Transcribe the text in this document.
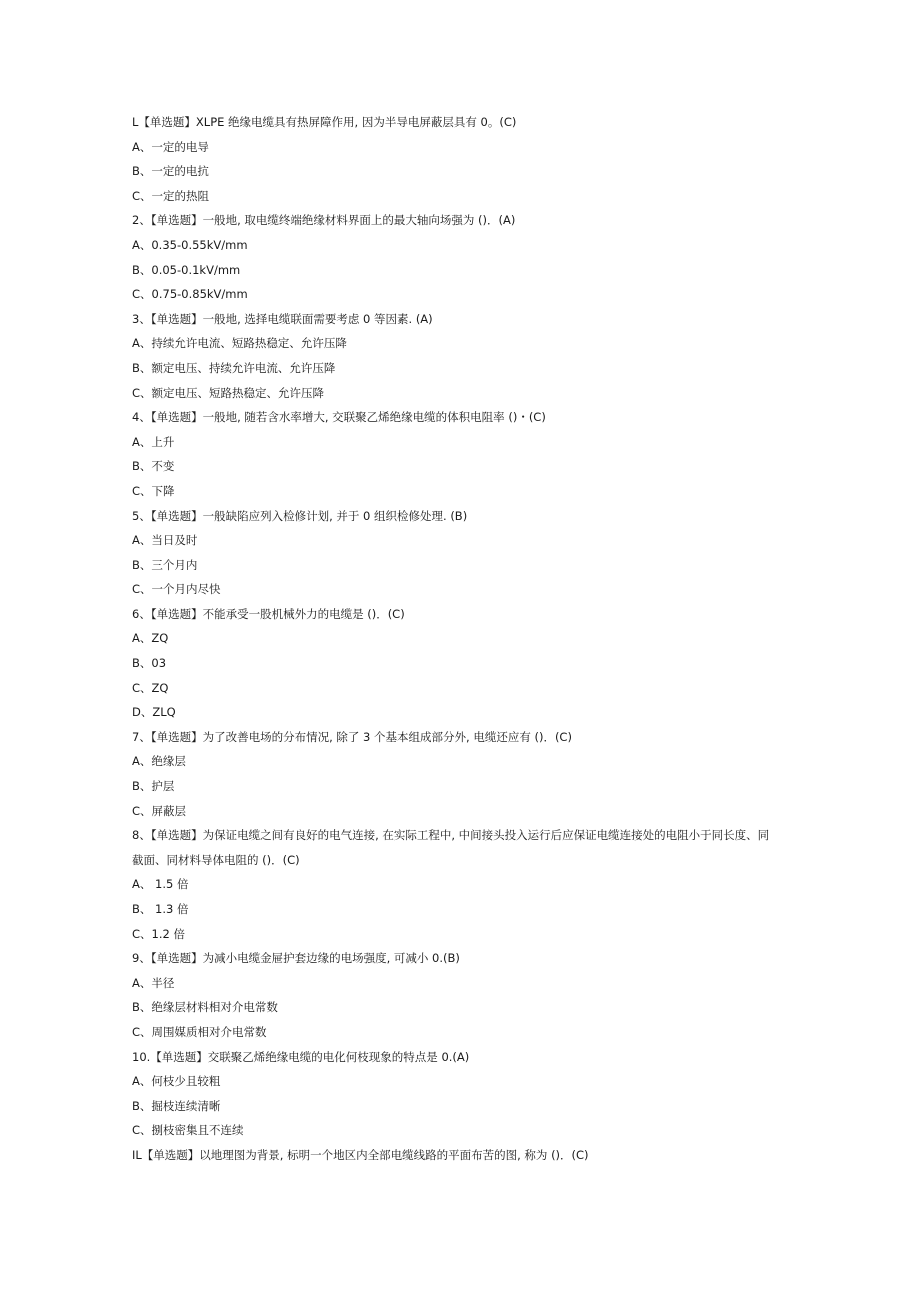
L【单选题】XLPE 绝缘电缆具有热屏障作用, 因为半导电屏蔽层具有 0。(C)
A、一定的电导
B、一定的电抗
C、一定的热阻
2、【单选题】一般地, 取电缆终端绝缘材料界面上的最大轴向场强为 ()．(A)
A、0.35-0.55kV/mm
B、0.05-0.1kV/mm
C、0.75-0.85kV/mm
3、【单选题】一般地, 选择电缆联面需要考虑 0 等因素. (A)
A、持续允许电流、短路热稳定、允许压降
B、额定电压、持续允许电流、允许压降
C、额定电压、短路热稳定、允许压降
4、【单选题】一般地, 随若含水率增大, 交联聚乙烯绝缘电缆的体积电阻率 ()・(C)
A、上升
B、不变
C、下降
5、【单选题】一般缺陷应列入检修计划, 并于 0 组织检修处理. (B)
A、当日及时
B、三个月内
C、一个月内尽快
6、【单选题】不能承受一股机械外力的电缆是 ()．(C)
A、ZQ
B、03
C、ZQ
D、ZLQ
7、【单选题】为了改善电场的分布情况, 除了 3 个基本组成部分外, 电缆还应有 ()．(C)
A、绝缘层
B、护层
C、屏蔽层
8、【单选题】为保证电缆之间有良好的电气连接, 在实际工程中, 中间接头投入运行后应保证电缆连接处的电阻小于同长度、同
截面、同材料导体电阻的 ()．(C)
A、 1.5 倍
B、 1.3 倍
C、1.2 倍
9、【单选题】为减小电缆金屉护套边缘的电场强度, 可减小 0.(B)
A、半径
B、绝缘层材料相对介电常数
C、周围媒质相对介电常数
10.【单选题】交联聚乙烯绝缘电缆的电化何枝现象的特点是 0.(A)
A、何枝少且较粗
B、掘枝连续清晰
C、捌枝密集且不连续
IL【单选题】以地理图为背景, 标明一个地区内全部电缆线路的平面布苦的图, 称为 ()．(C)
